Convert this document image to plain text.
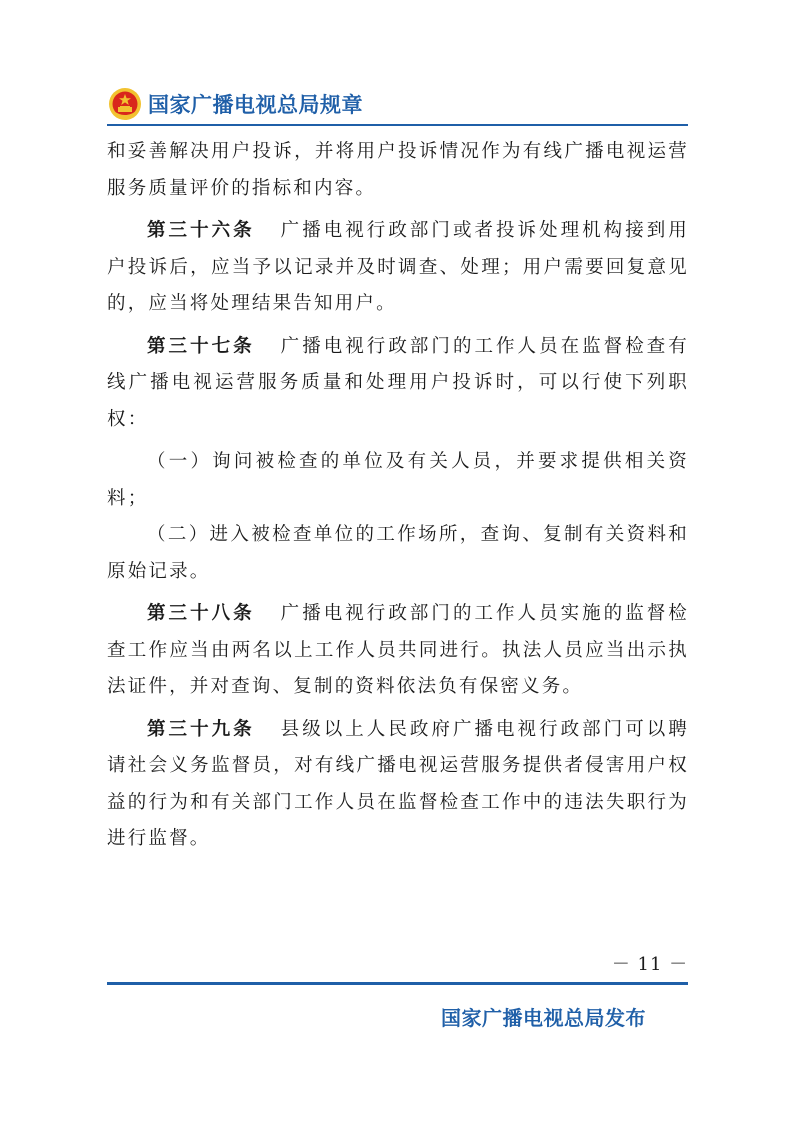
国家广播电视总局规章

和妥善解决用户投诉，并将用户投诉情况作为有线广播电视运营服务质量评价的指标和内容。

第三十六条 广播电视行政部门或者投诉处理机构接到用户投诉后，应当予以记录并及时调查、处理；用户需要回复意见的，应当将处理结果告知用户。

第三十七条 广播电视行政部门的工作人员在监督检查有线广播电视运营服务质量和处理用户投诉时，可以行使下列职权：

（一）询问被检查的单位及有关人员，并要求提供相关资料；

（二）进入被检查单位的工作场所，查询、复制有关资料和原始记录。

第三十八条 广播电视行政部门的工作人员实施的监督检查工作应当由两名以上工作人员共同进行。执法人员应当出示执法证件，并对查询、复制的资料依法负有保密义务。

第三十九条 县级以上人民政府广播电视行政部门可以聘请社会义务监督员，对有线广播电视运营服务提供者侵害用户权益的行为和有关部门工作人员在监督检查工作中的违法失职行为进行监督。

－ 11 －
国家广播电视总局发布
